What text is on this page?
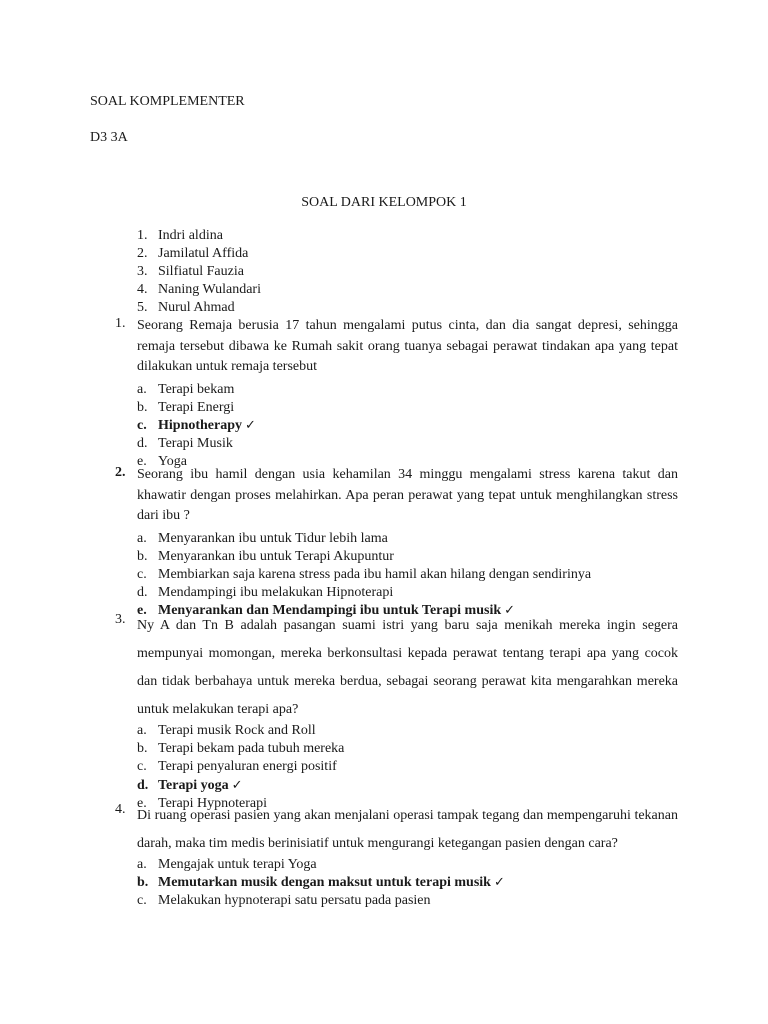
SOAL KOMPLEMENTER
D3 3A
SOAL DARI KELOMPOK 1
1. Indri aldina
2. Jamilatul Affida
3. Silfiatul Fauzia
4. Naning Wulandari
5. Nurul Ahmad
1. Seorang Remaja berusia 17 tahun mengalami putus cinta, dan dia sangat depresi, sehingga remaja tersebut dibawa ke Rumah sakit orang tuanya sebagai perawat tindakan apa yang tepat dilakukan untuk remaja tersebut
a. Terapi bekam
b. Terapi Energi
c. Hipnotherapy ✓
d. Terapi Musik
e. Yoga
2. Seorang ibu hamil dengan usia kehamilan 34 minggu mengalami stress karena takut dan khawatir dengan proses melahirkan. Apa peran perawat yang tepat untuk menghilangkan stress dari ibu ?
a. Menyarankan ibu untuk Tidur lebih lama
b. Menyarankan ibu untuk Terapi Akupuntur
c. Membiarkan saja karena stress pada ibu hamil akan hilang dengan sendirinya
d. Mendampingi ibu melakukan Hipnoterapi
e. Menyarankan dan Mendampingi ibu untuk Terapi musik ✓
3. Ny A dan Tn B adalah pasangan suami istri yang baru saja menikah mereka ingin segera mempunyai momongan, mereka berkonsultasi kepada perawat tentang terapi apa yang cocok dan tidak berbahaya untuk mereka berdua, sebagai seorang perawat kita mengarahkan mereka untuk melakukan terapi apa?
a. Terapi musik Rock and Roll
b. Terapi bekam pada tubuh mereka
c. Terapi penyaluran energi positif
d. Terapi yoga ✓
e. Terapi Hypnoterapi
4. Di ruang operasi pasien yang akan menjalani operasi tampak tegang dan mempengaruhi tekanan darah, maka tim medis berinisiatif untuk mengurangi ketegangan pasien dengan cara?
a. Mengajak untuk terapi Yoga
b. Memutarkan musik dengan maksut untuk terapi musik ✓
c. Melakukan hypnoterapi satu persatu pada pasien
